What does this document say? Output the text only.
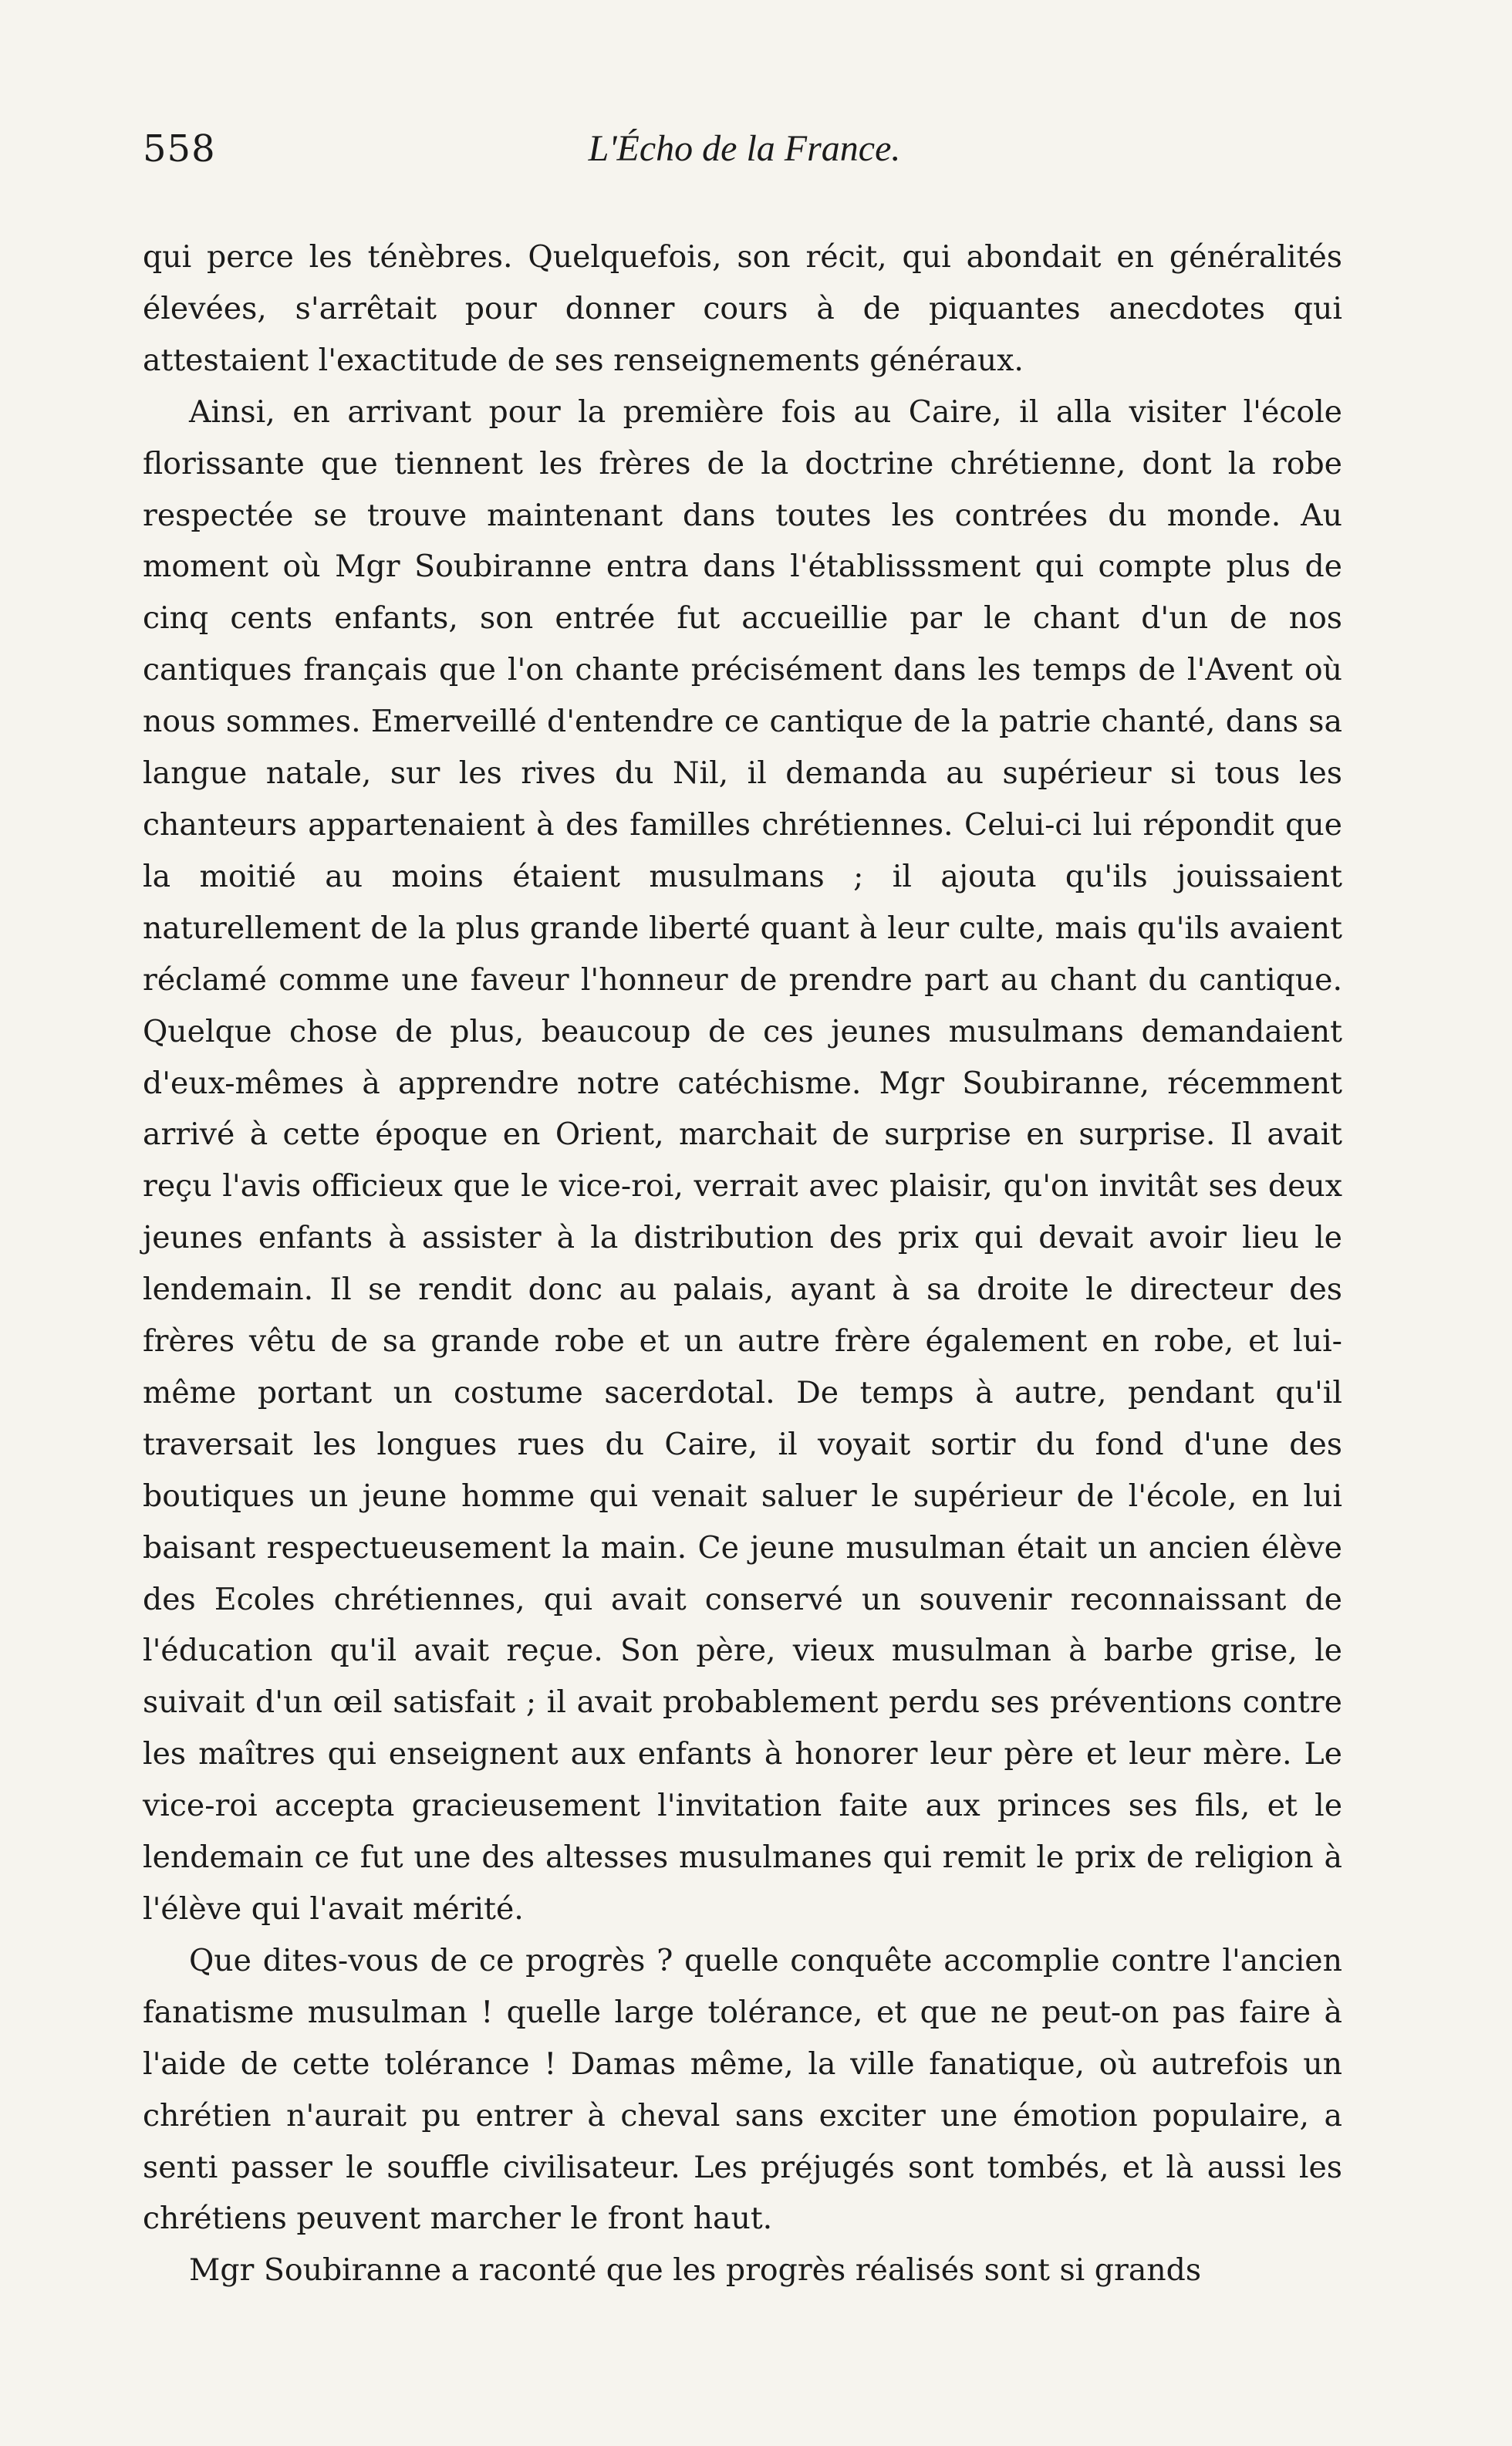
558	L'Écho de la France.

qui perce les ténèbres. Quelquefois, son récit, qui abondait en généralités élevées, s'arrêtait pour donner cours à de piquantes anecdotes qui attestaient l'exactitude de ses renseignements généraux.

Ainsi, en arrivant pour la première fois au Caire, il alla visiter l'école florissante que tiennent les frères de la doctrine chrétienne, dont la robe respectée se trouve maintenant dans toutes les contrées du monde. Au moment où Mgr Soubiranne entra dans l'établisssment qui compte plus de cinq cents enfants, son entrée fut accueillie par le chant d'un de nos cantiques français que l'on chante précisément dans les temps de l'Avent où nous sommes. Emerveillé d'entendre ce cantique de la patrie chanté, dans sa langue natale, sur les rives du Nil, il demanda au supérieur si tous les chanteurs appartenaient à des familles chrétiennes. Celui-ci lui répondit que la moitié au moins étaient musulmans ; il ajouta qu'ils jouissaient naturellement de la plus grande liberté quant à leur culte, mais qu'ils avaient réclamé comme une faveur l'honneur de prendre part au chant du cantique. Quelque chose de plus, beaucoup de ces jeunes musulmans demandaient d'eux-mêmes à apprendre notre catéchisme. Mgr Soubiranne, récemment arrivé à cette époque en Orient, marchait de surprise en surprise. Il avait reçu l'avis officieux que le vice-roi, verrait avec plaisir, qu'on invitât ses deux jeunes enfants à assister à la distribution des prix qui devait avoir lieu le lendemain. Il se rendit donc au palais, ayant à sa droite le directeur des frères vêtu de sa grande robe et un autre frère également en robe, et lui-même portant un costume sacerdotal. De temps à autre, pendant qu'il traversait les longues rues du Caire, il voyait sortir du fond d'une des boutiques un jeune homme qui venait saluer le supérieur de l'école, en lui baisant respectueusement la main. Ce jeune musulman était un ancien élève des Ecoles chrétiennes, qui avait conservé un souvenir reconnaissant de l'éducation qu'il avait reçue. Son père, vieux musulman à barbe grise, le suivait d'un œil satisfait ; il avait probablement perdu ses préventions contre les maîtres qui enseignent aux enfants à honorer leur père et leur mère. Le vice-roi accepta gracieusement l'invitation faite aux princes ses fils, et le lendemain ce fut une des altesses musulmanes qui remit le prix de religion à l'élève qui l'avait mérité.

Que dites-vous de ce progrès ? quelle conquête accomplie contre l'ancien fanatisme musulman ! quelle large tolérance, et que ne peut-on pas faire à l'aide de cette tolérance ! Damas même, la ville fanatique, où autrefois un chrétien n'aurait pu entrer à cheval sans exciter une émotion populaire, a senti passer le souffle civilisateur. Les préjugés sont tombés, et là aussi les chrétiens peuvent marcher le front haut.

Mgr Soubiranne a raconté que les progrès réalisés sont si grands
